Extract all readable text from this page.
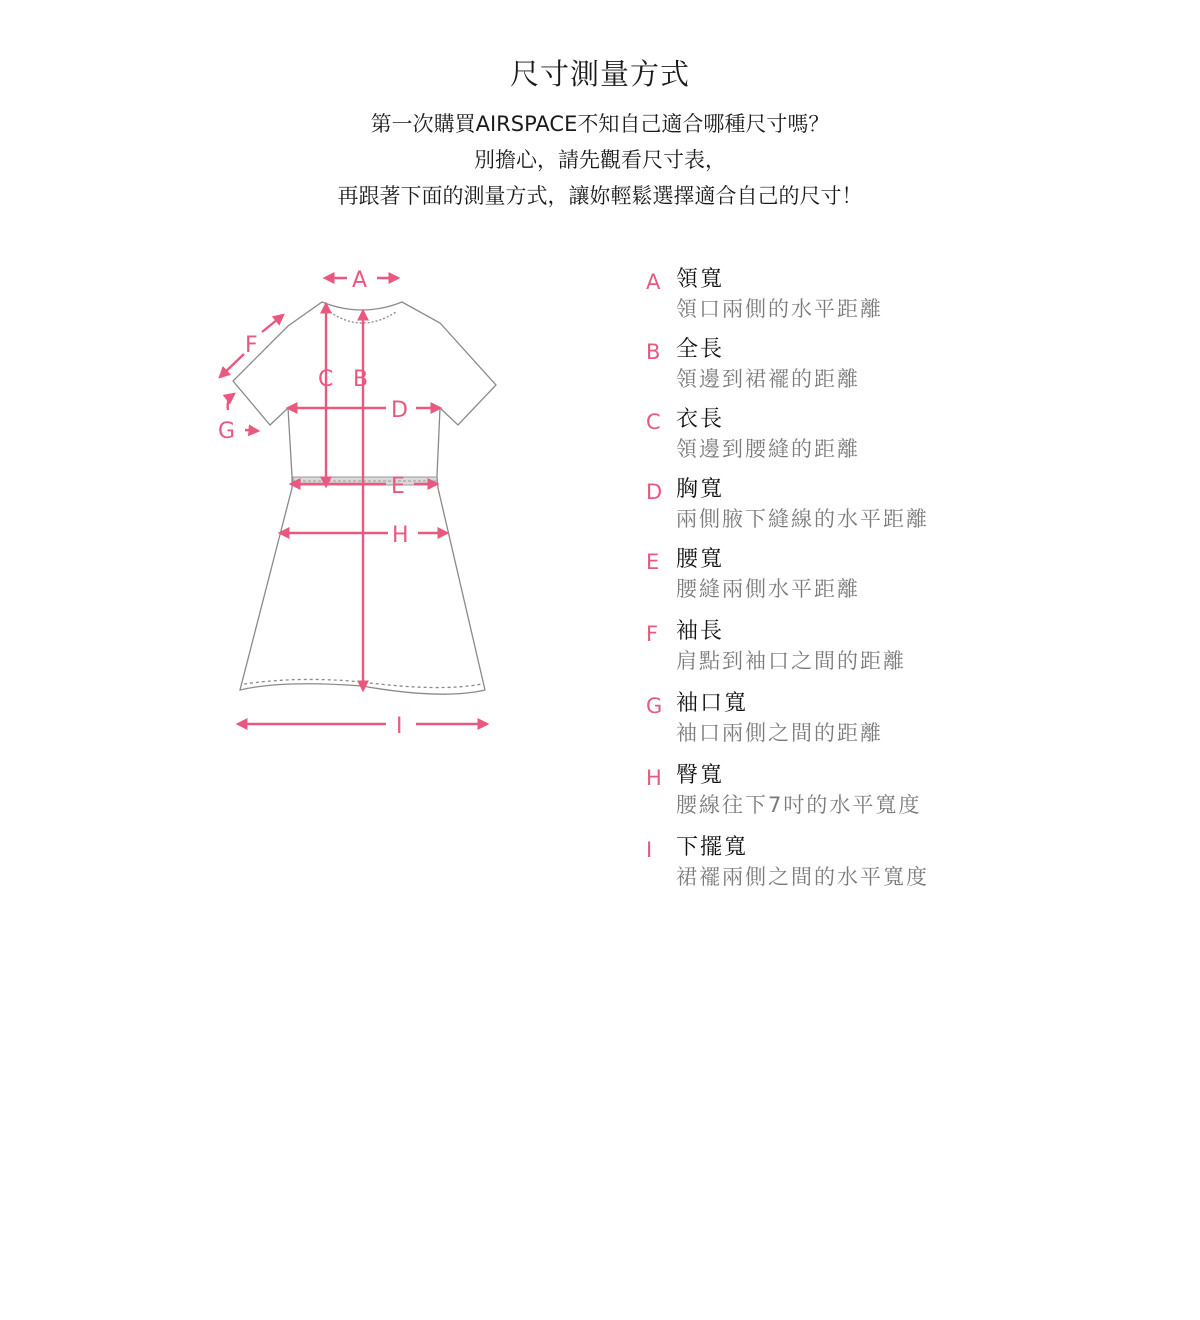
尺寸測量方式
第一次購買AIRSPACE不知自己適合哪種尺寸嗎？
別擔心，請先觀看尺寸表，
再跟著下面的測量方式，讓妳輕鬆選擇適合自己的尺寸！
A
C B
D
E
H
I
F
G
A 領寬
領口兩側的水平距離
B 全長
領邊到裙襬的距離
C 衣長
領邊到腰縫的距離
D 胸寬
兩側腋下縫線的水平距離
E 腰寬
腰縫兩側水平距離
F 袖長
肩點到袖口之間的距離
G 袖口寬
袖口兩側之間的距離
H 臀寬
腰線往下7吋的水平寬度
I	下擺寬
裙襬兩側之間的水平寬度
